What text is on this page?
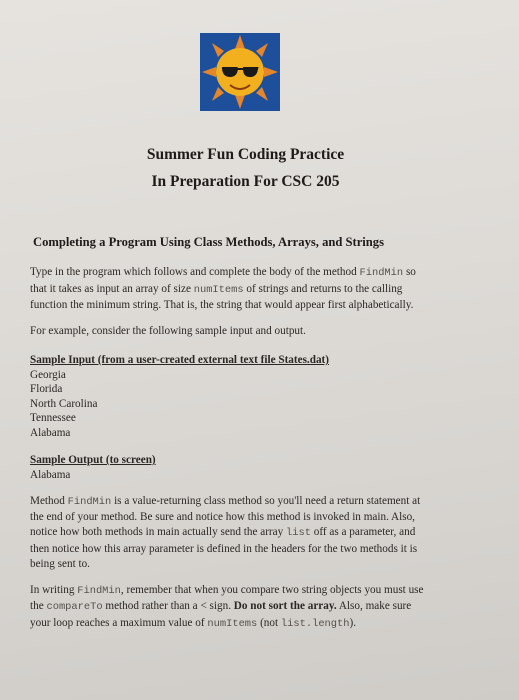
Summer Fun Coding Practice
In Preparation For CSC 205
Completing a Program Using Class Methods, Arrays, and Strings
Type in the program which follows and complete the body of the method FindMin so
that it takes as input an array of size numItems of strings and returns to the calling
function the minimum string. That is, the string that would appear first alphabetically.
For example, consider the following sample input and output.
Sample Input (from a user-created external text file States.dat)
Georgia
Florida
North Carolina
Tennessee
Alabama
Sample Output (to screen)
Alabama
Method FindMin is a value-returning class method so you'll need a return statement at
the end of your method. Be sure and notice how this method is invoked in main. Also,
notice how both methods in main actually send the array list off as a parameter, and
then notice how this array parameter is defined in the headers for the two methods it is
being sent to.
In writing FindMin, remember that when you compare two string objects you must use
the compareTo method rather than a < sign. Do not sort the array. Also, make sure
your loop reaches a maximum value of numItems (not list.length).
